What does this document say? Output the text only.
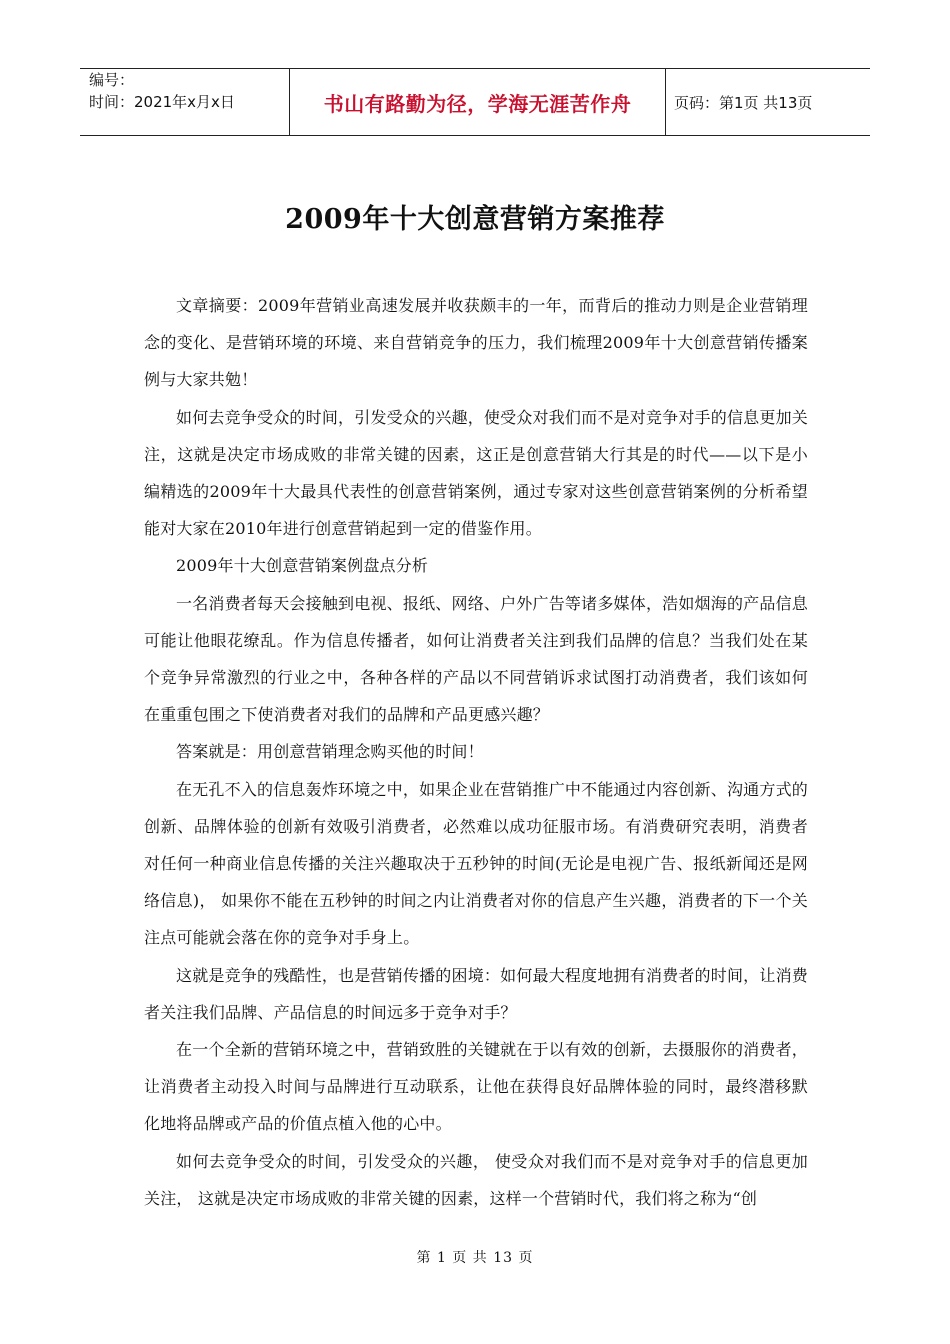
编号：
时间：2021年x月x日	书山有路勤为径，学海无涯苦作舟	页码：第1页 共13页
2009年十大创意营销方案推荐

文章摘要：2009年营销业高速发展并收获颇丰的一年，而背后的推动力则是企业营销理念的变化、是营销环境的环境、来自营销竞争的压力，我们梳理2009年十大创意营销传播案例与大家共勉！

如何去竞争受众的时间，引发受众的兴趣，使受众对我们而不是对竞争对手的信息更加关注，这就是决定市场成败的非常关键的因素，这正是创意营销大行其是的时代——以下是小编精选的2009年十大最具代表性的创意营销案例，通过专家对这些创意营销案例的分析希望能对大家在2010年进行创意营销起到一定的借鉴作用。

2009年十大创意营销案例盘点分析

一名消费者每天会接触到电视、报纸、网络、户外广告等诸多媒体，浩如烟海的产品信息可能让他眼花缭乱。作为信息传播者，如何让消费者关注到我们品牌的信息？当我们处在某个竞争异常激烈的行业之中，各种各样的产品以不同营销诉求试图打动消费者，我们该如何在重重包围之下使消费者对我们的品牌和产品更感兴趣？

答案就是：用创意营销理念购买他的时间！

在无孔不入的信息轰炸环境之中，如果企业在营销推广中不能通过内容创新、沟通方式的创新、品牌体验的创新有效吸引消费者，必然难以成功征服市场。有消费研究表明，消费者对任何一种商业信息传播的关注兴趣取决于五秒钟的时间(无论是电视广告、报纸新闻还是网络信息)， 如果你不能在五秒钟的时间之内让消费者对你的信息产生兴趣，消费者的下一个关注点可能就会落在你的竞争对手身上。

这就是竞争的残酷性，也是营销传播的困境：如何最大程度地拥有消费者的时间，让消费者关注我们品牌、产品信息的时间远多于竞争对手？

在一个全新的营销环境之中，营销致胜的关键就在于以有效的创新，去摄服你的消费者，让消费者主动投入时间与品牌进行互动联系，让他在获得良好品牌体验的同时，最终潜移默化地将品牌或产品的价值点植入他的心中。

如何去竞争受众的时间，引发受众的兴趣， 使受众对我们而不是对竞争对手的信息更加关注， 这就是决定市场成败的非常关键的因素，这样一个营销时代，我们将之称为“创

第 1 页 共 13 页
